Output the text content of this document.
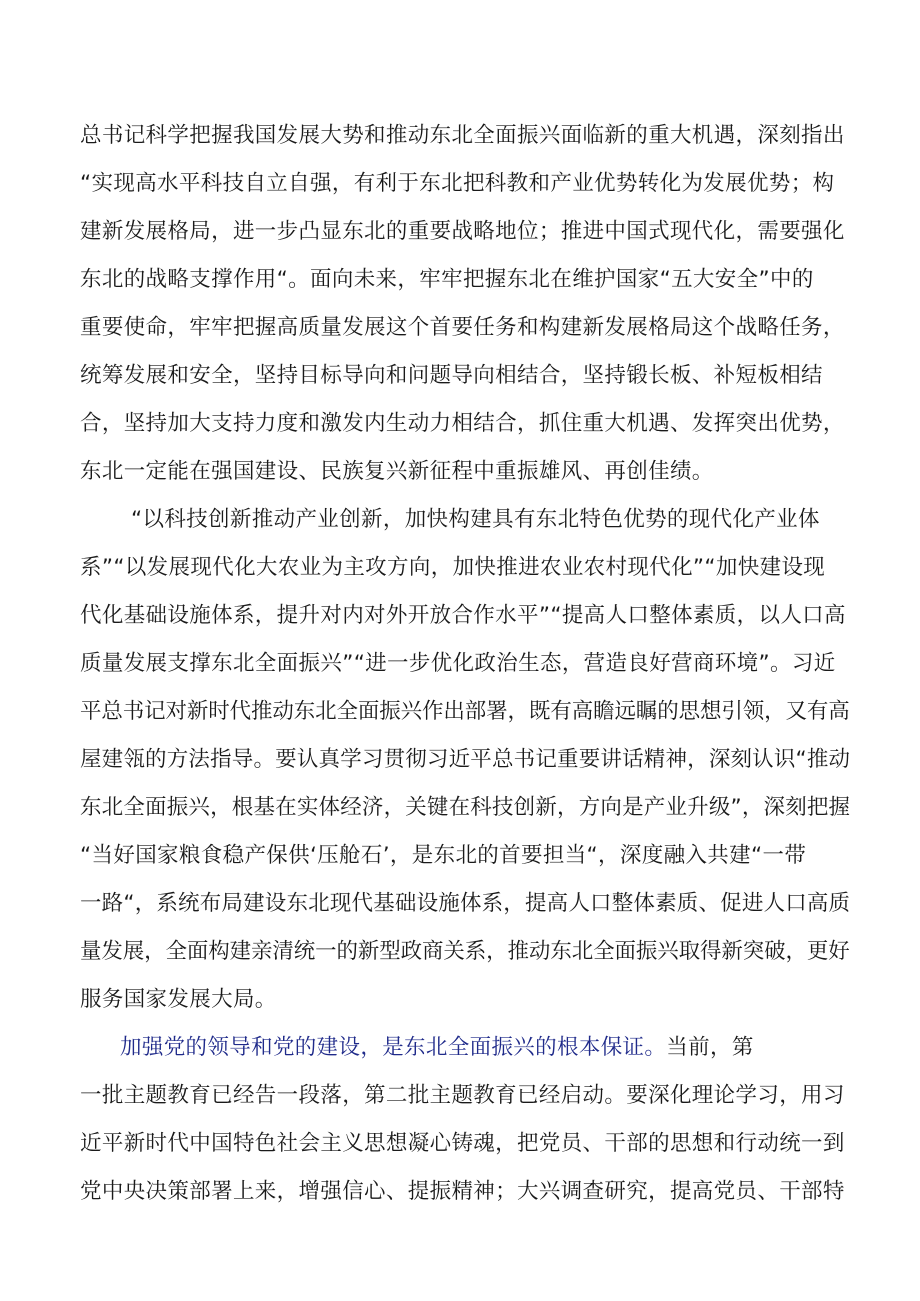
总书记科学把握我国发展大势和推动东北全面振兴面临新的重大机遇，深刻指出
“实现高水平科技自立自强，有利于东北把科教和产业优势转化为发展优势；构
建新发展格局，进一步凸显东北的重要战略地位；推进中国式现代化，需要强化
东北的战略支撑作用“。面向未来，牢牢把握东北在维护国家“五大安全”中的
重要使命，牢牢把握高质量发展这个首要任务和构建新发展格局这个战略任务，
统筹发展和安全，坚持目标导向和问题导向相结合，坚持锻长板、补短板相结
合，坚持加大支持力度和激发内生动力相结合，抓住重大机遇、发挥突出优势，
东北一定能在强国建设、民族复兴新征程中重振雄风、再创佳绩。
“以科技创新推动产业创新，加快构建具有东北特色优势的现代化产业体
系”“以发展现代化大农业为主攻方向，加快推进农业农村现代化”“加快建设现
代化基础设施体系，提升对内对外开放合作水平”“提高人口整体素质，以人口高
质量发展支撑东北全面振兴”“进一步优化政治生态，营造良好营商环境”。习近
平总书记对新时代推动东北全面振兴作出部署，既有高瞻远瞩的思想引领，又有高
屋建瓴的方法指导。要认真学习贯彻习近平总书记重要讲话精神，深刻认识“推动
东北全面振兴，根基在实体经济，关键在科技创新，方向是产业升级”，深刻把握
“当好国家粮食稳产保供‘压舱石’，是东北的首要担当“，深度融入共建“一带
一路“，系统布局建设东北现代基础设施体系，提高人口整体素质、促进人口高质
量发展，全面构建亲清统一的新型政商关系，推动东北全面振兴取得新突破，更好
服务国家发展大局。
加强党的领导和党的建设，是东北全面振兴的根本保证。当前，第
一批主题教育已经告一段落，第二批主题教育已经启动。要深化理论学习，用习
近平新时代中国特色社会主义思想凝心铸魂，把党员、干部的思想和行动统一到
党中央决策部署上来，增强信心、提振精神；大兴调查研究，提高党员、干部特
